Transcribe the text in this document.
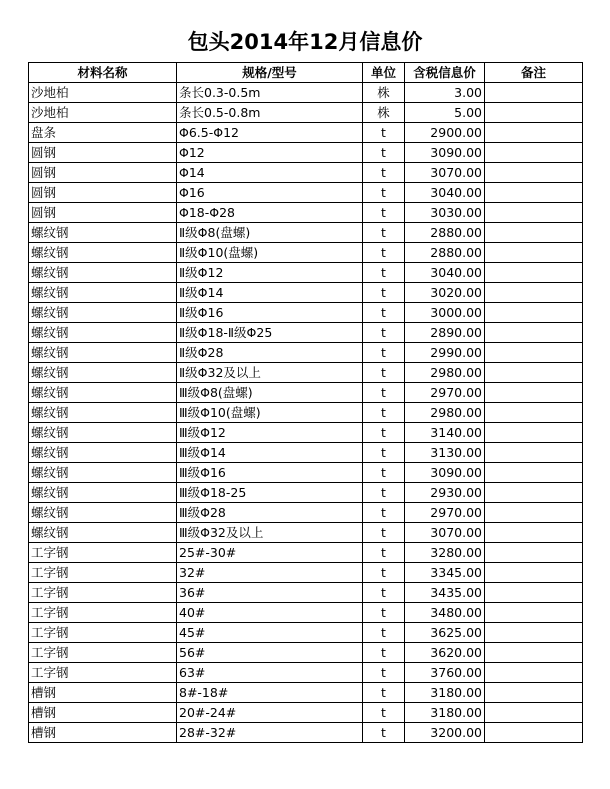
包头2014年12月信息价
材料名称	规格/型号	单位	含税信息价	备注
沙地柏	条长0.3-0.5m	株	3.00	
沙地柏	条长0.5-0.8m	株	5.00	
盘条	Φ6.5-Φ12	t	2900.00	
圆钢	Φ12	t	3090.00	
圆钢	Φ14	t	3070.00	
圆钢	Φ16	t	3040.00	
圆钢	Φ18-Φ28	t	3030.00	
螺纹钢	Ⅱ级Φ8(盘螺)	t	2880.00	
螺纹钢	Ⅱ级Φ10(盘螺)	t	2880.00	
螺纹钢	Ⅱ级Φ12	t	3040.00	
螺纹钢	Ⅱ级Φ14	t	3020.00	
螺纹钢	Ⅱ级Φ16	t	3000.00	
螺纹钢	Ⅱ级Φ18-Ⅱ级Φ25	t	2890.00	
螺纹钢	Ⅱ级Φ28	t	2990.00	
螺纹钢	Ⅱ级Φ32及以上	t	2980.00	
螺纹钢	Ⅲ级Φ8(盘螺)	t	2970.00	
螺纹钢	Ⅲ级Φ10(盘螺)	t	2980.00	
螺纹钢	Ⅲ级Φ12	t	3140.00	
螺纹钢	Ⅲ级Φ14	t	3130.00	
螺纹钢	Ⅲ级Φ16	t	3090.00	
螺纹钢	Ⅲ级Φ18-25	t	2930.00	
螺纹钢	Ⅲ级Φ28	t	2970.00	
螺纹钢	Ⅲ级Φ32及以上	t	3070.00	
工字钢	25#-30#	t	3280.00	
工字钢	32#	t	3345.00	
工字钢	36#	t	3435.00	
工字钢	40#	t	3480.00	
工字钢	45#	t	3625.00	
工字钢	56#	t	3620.00	
工字钢	63#	t	3760.00	
槽钢	8#-18#	t	3180.00	
槽钢	20#-24#	t	3180.00	
槽钢	28#-32#	t	3200.00	
